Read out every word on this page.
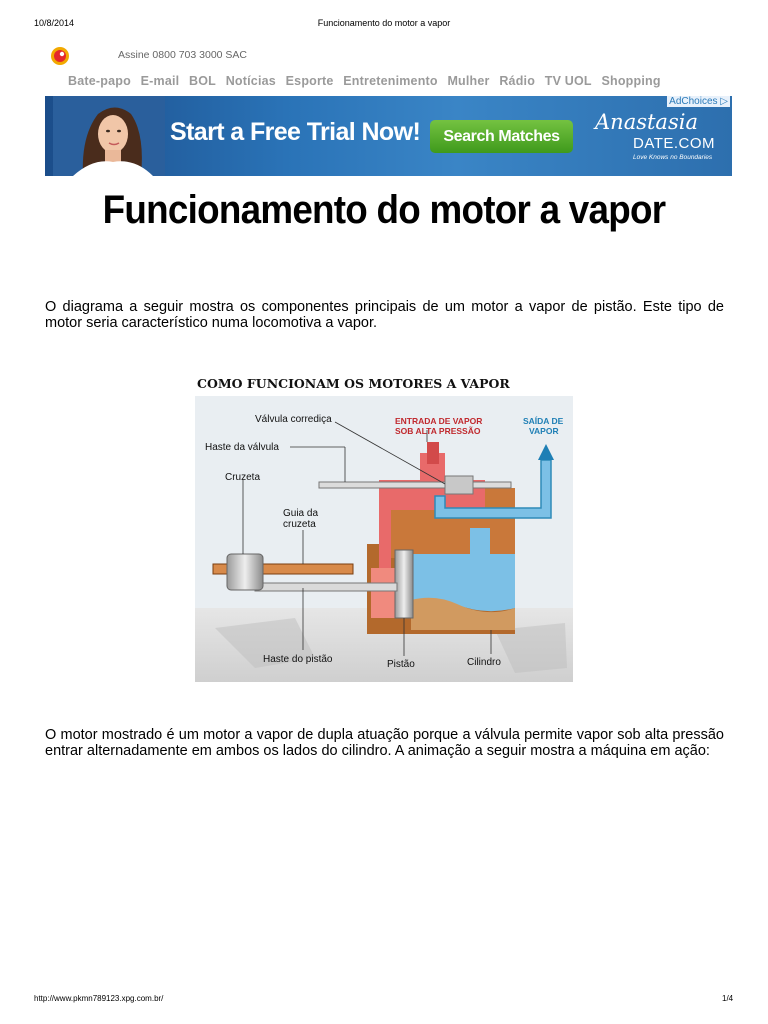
10/8/2014	Funcionamento do motor a vapor
Assine 0800 703 3000 SAC
Bate-papo E-mail BOL Notícias Esporte Entretenimento Mulher Rádio TV UOL Shopping
Start a Free Trial Now!	Search Matches
Anastasia
DATE.COM
Love Knows no Boundaries
AdChoices ▷
Funcionamento do motor a vapor
O diagrama a seguir mostra os componentes principais de um motor a vapor de pistão. Este tipo de motor seria característico numa locomotiva a vapor.
COMO FUNCIONAM OS MOTORES A VAPOR
Válvula corrediça
Haste da válvula
Cruzeta
Guia da
cruzeta
ENTRADA DE VAPOR
SOB ALTA PRESSÃO
SAÍDA DE
VAPOR
Haste do pistão	Pistão	Cilindro
O motor mostrado é um motor a vapor de dupla atuação porque a válvula permite vapor sob alta pressão entrar alternadamente em ambos os lados do cilindro. A animação a seguir mostra a máquina em ação:
http://www.pkmn789123.xpg.com.br/	1/4
